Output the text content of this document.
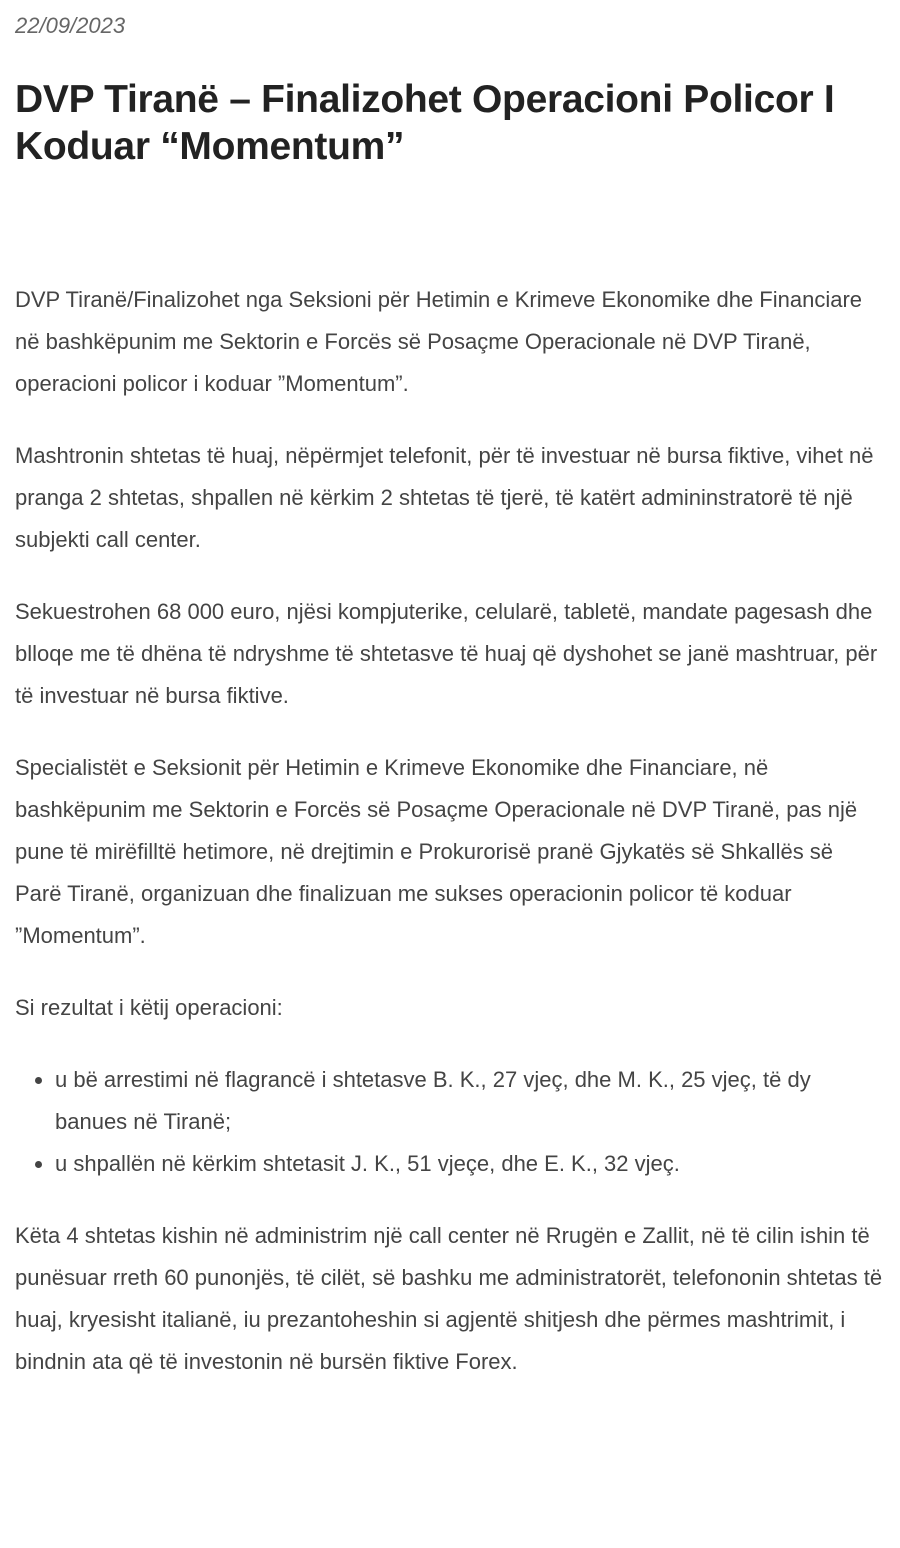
22/09/2023

DVP Tiranë – Finalizohet Operacioni Policor I Koduar “Momentum”

DVP Tiranë/Finalizohet nga Seksioni për Hetimin e Krimeve Ekonomike dhe Financiare në bashkëpunim me Sektorin e Forcës së Posaçme Operacionale në DVP Tiranë, operacioni policor i koduar ”Momentum”.

Mashtronin shtetas të huaj, nëpërmjet telefonit, për të investuar në bursa fiktive, vihet në pranga 2 shtetas, shpallen në kërkim 2 shtetas të tjerë, të katërt admininstratorë të një subjekti call center.

Sekuestrohen 68 000 euro, njësi kompjuterike, celularë, tabletë, mandate pagesash dhe blloqe me të dhëna të ndryshme të shtetasve të huaj që dyshohet se janë mashtruar, për të investuar në bursa fiktive.

Specialistët e Seksionit për Hetimin e Krimeve Ekonomike dhe Financiare, në bashkëpunim me Sektorin e Forcës së Posaçme Operacionale në DVP Tiranë, pas një pune të mirëfilltë hetimore, në drejtimin e Prokurorisë pranë Gjykatës së Shkallës së Parë Tiranë, organizuan dhe finalizuan me sukses operacionin policor të koduar ”Momentum”.

Si rezultat i këtij operacioni:

• u bë arrestimi në flagrancë i shtetasve B. K., 27 vjeç, dhe M. K., 25 vjeç, të dy banues në Tiranë;
• u shpallën në kërkim shtetasit J. K., 51 vjeçe, dhe E. K., 32 vjeç.

Këta 4 shtetas kishin në administrim një call center në Rrugën e Zallit, në të cilin ishin të punësuar rreth 60 punonjës, të cilët, së bashku me administratorët, telefononin shtetas të huaj, kryesisht italianë, iu prezantoheshin si agjentë shitjesh dhe përmes mashtrimit, i bindnin ata që të investonin në bursën fiktive Forex.
